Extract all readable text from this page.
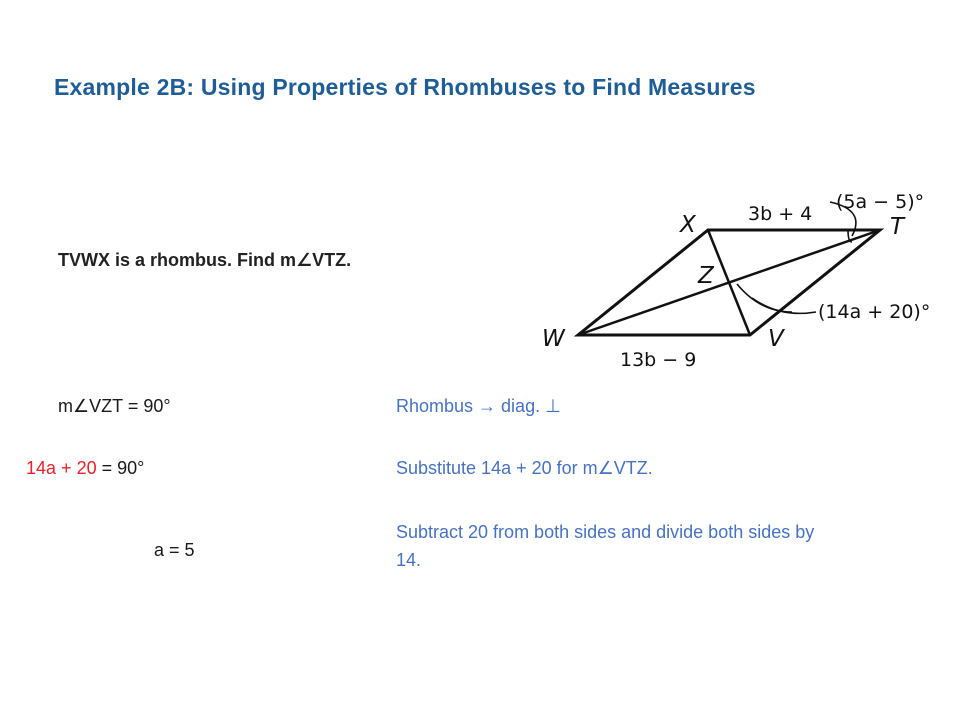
Example 2B: Using Properties of Rhombuses to Find Measures
TVWX is a rhombus. Find m∠VTZ.
X	T
Z
W	V
3b + 4
13b − 9
(5a − 5)°
(14a + 20)°
m∠VZT = 90°
14a + 20 = 90°
a = 5
Rhombus → diag. ⊥
Substitute 14a + 20 for m∠VTZ.
Subtract 20 from both sides and divide both sides by
14.
